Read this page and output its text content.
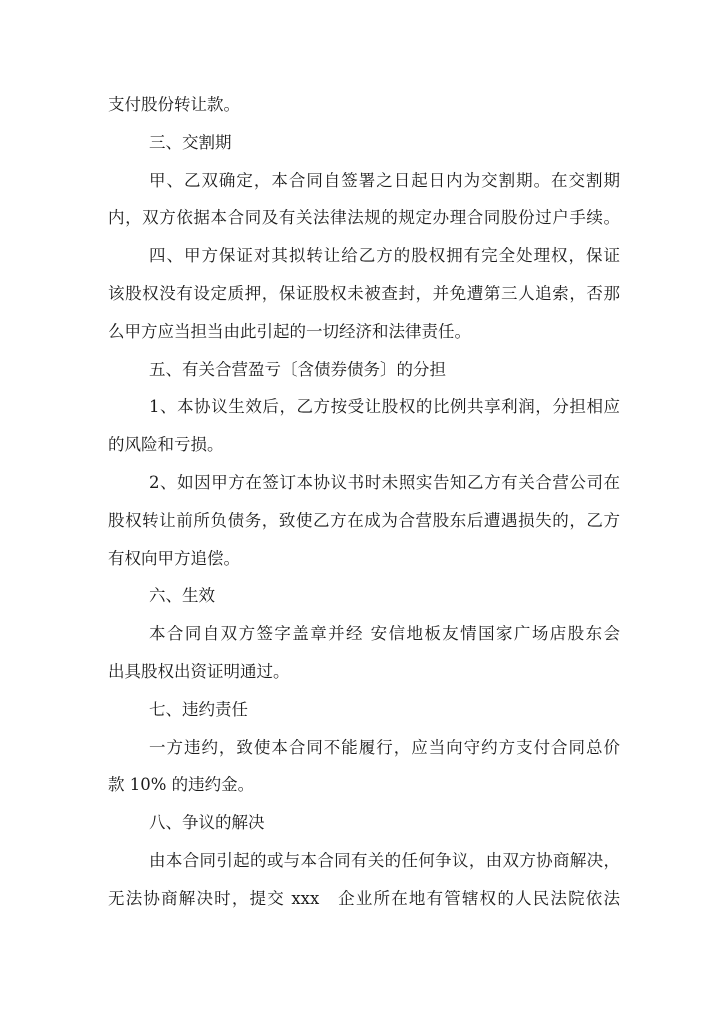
支付股份转让款。
三、交割期
甲、乙双确定，本合同自签署之日起日内为交割期。在交割期
内，双方依据本合同及有关法律法规的规定办理合同股份过户手续。
四、甲方保证对其拟转让给乙方的股权拥有完全处理权，保证
该股权没有设定质押，保证股权未被查封，并免遭第三人追索，否那
么甲方应当担当由此引起的一切经济和法律责任。
五、有关合营盈亏〔含债券债务〕的分担
1、本协议生效后，乙方按受让股权的比例共享利润，分担相应
的风险和亏损。
2、如因甲方在签订本协议书时未照实告知乙方有关合营公司在
股权转让前所负债务，致使乙方在成为合营股东后遭遇损失的，乙方
有权向甲方追偿。
六、生效
本合同自双方签字盖章并经 安信地板友情国家广场店股东会
出具股权出资证明通过。
七、违约责任
一方违约，致使本合同不能履行，应当向守约方支付合同总价
款 10% 的违约金。
八、争议的解决
由本合同引起的或与本合同有关的任何争议，由双方协商解决，
无法协商解决时，提交 xxx　企业所在地有管辖权的人民法院依法
